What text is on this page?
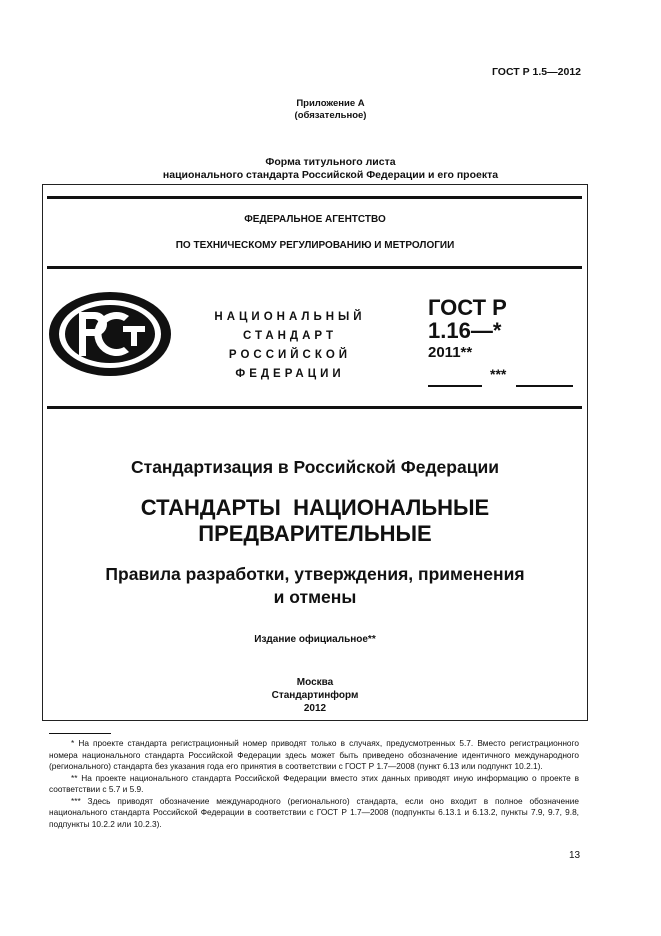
ГОСТ Р 1.5—2012
Приложение А
(обязательное)
Форма титульного листа
национального стандарта Российской Федерации и его проекта
ФЕДЕРАЛЬНОЕ АГЕНТСТВО
ПО ТЕХНИЧЕСКОМУ РЕГУЛИРОВАНИЮ И МЕТРОЛОГИИ
НАЦИОНАЛЬНЫЙ
СТАНДАРТ
РОССИЙСКОЙ
ФЕДЕРАЦИИ
ГОСТ Р
1.16—*
2011**
***
Стандартизация в Российской Федерации
СТАНДАРТЫ  НАЦИОНАЛЬНЫЕ
ПРЕДВАРИТЕЛЬНЫЕ
Правила разработки, утверждения, применения
и отмены
Издание официальное**
Москва
Стандартинформ
2012

* На проекте стандарта регистрационный номер приводят только в случаях, предусмотренных 5.7. Вместо регистрационного номера национального стандарта Российской Федерации здесь может быть приведено обозначение идентичного международного (регионального) стандарта без указания года его принятия в соответствии с ГОСТ Р 1.7—2008 (пункт 6.13 или подпункт 10.2.1).

** На проекте национального стандарта Российской Федерации вместо этих данных приводят иную информацию о проекте в соответствии с 5.7 и 5.9.

*** Здесь приводят обозначение международного (регионального) стандарта, если оно входит в полное обозначение национального стандарта Российской Федерации в соответствии с ГОСТ Р 1.7—2008 (подпункты 6.13.1 и 6.13.2, пункты 7.9, 9.7, 9.8, подпункты 10.2.2 или 10.2.3).

13
